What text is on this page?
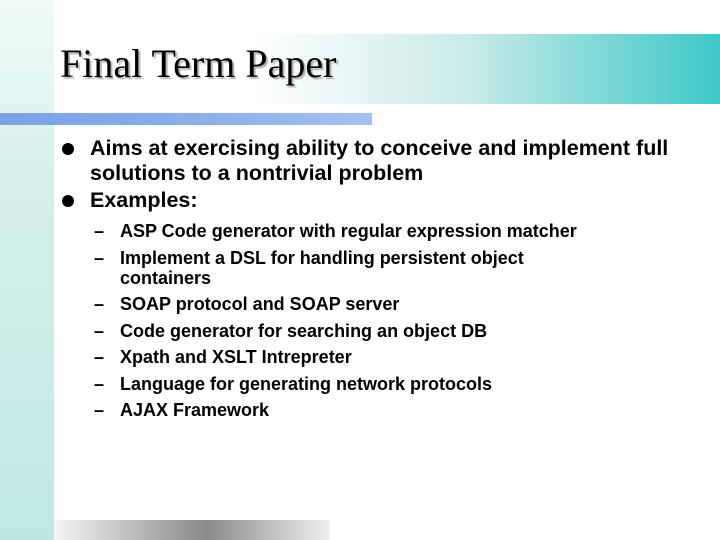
Final Term Paper
Aims at exercising ability to conceive and implement full solutions to a nontrivial problem
Examples:
– ASP Code generator with regular expression matcher
– Implement a DSL for handling persistent object containers
– SOAP protocol and SOAP server
– Code generator for searching an object DB
– Xpath and XSLT Intrepreter
– Language for generating network protocols
– AJAX Framework
